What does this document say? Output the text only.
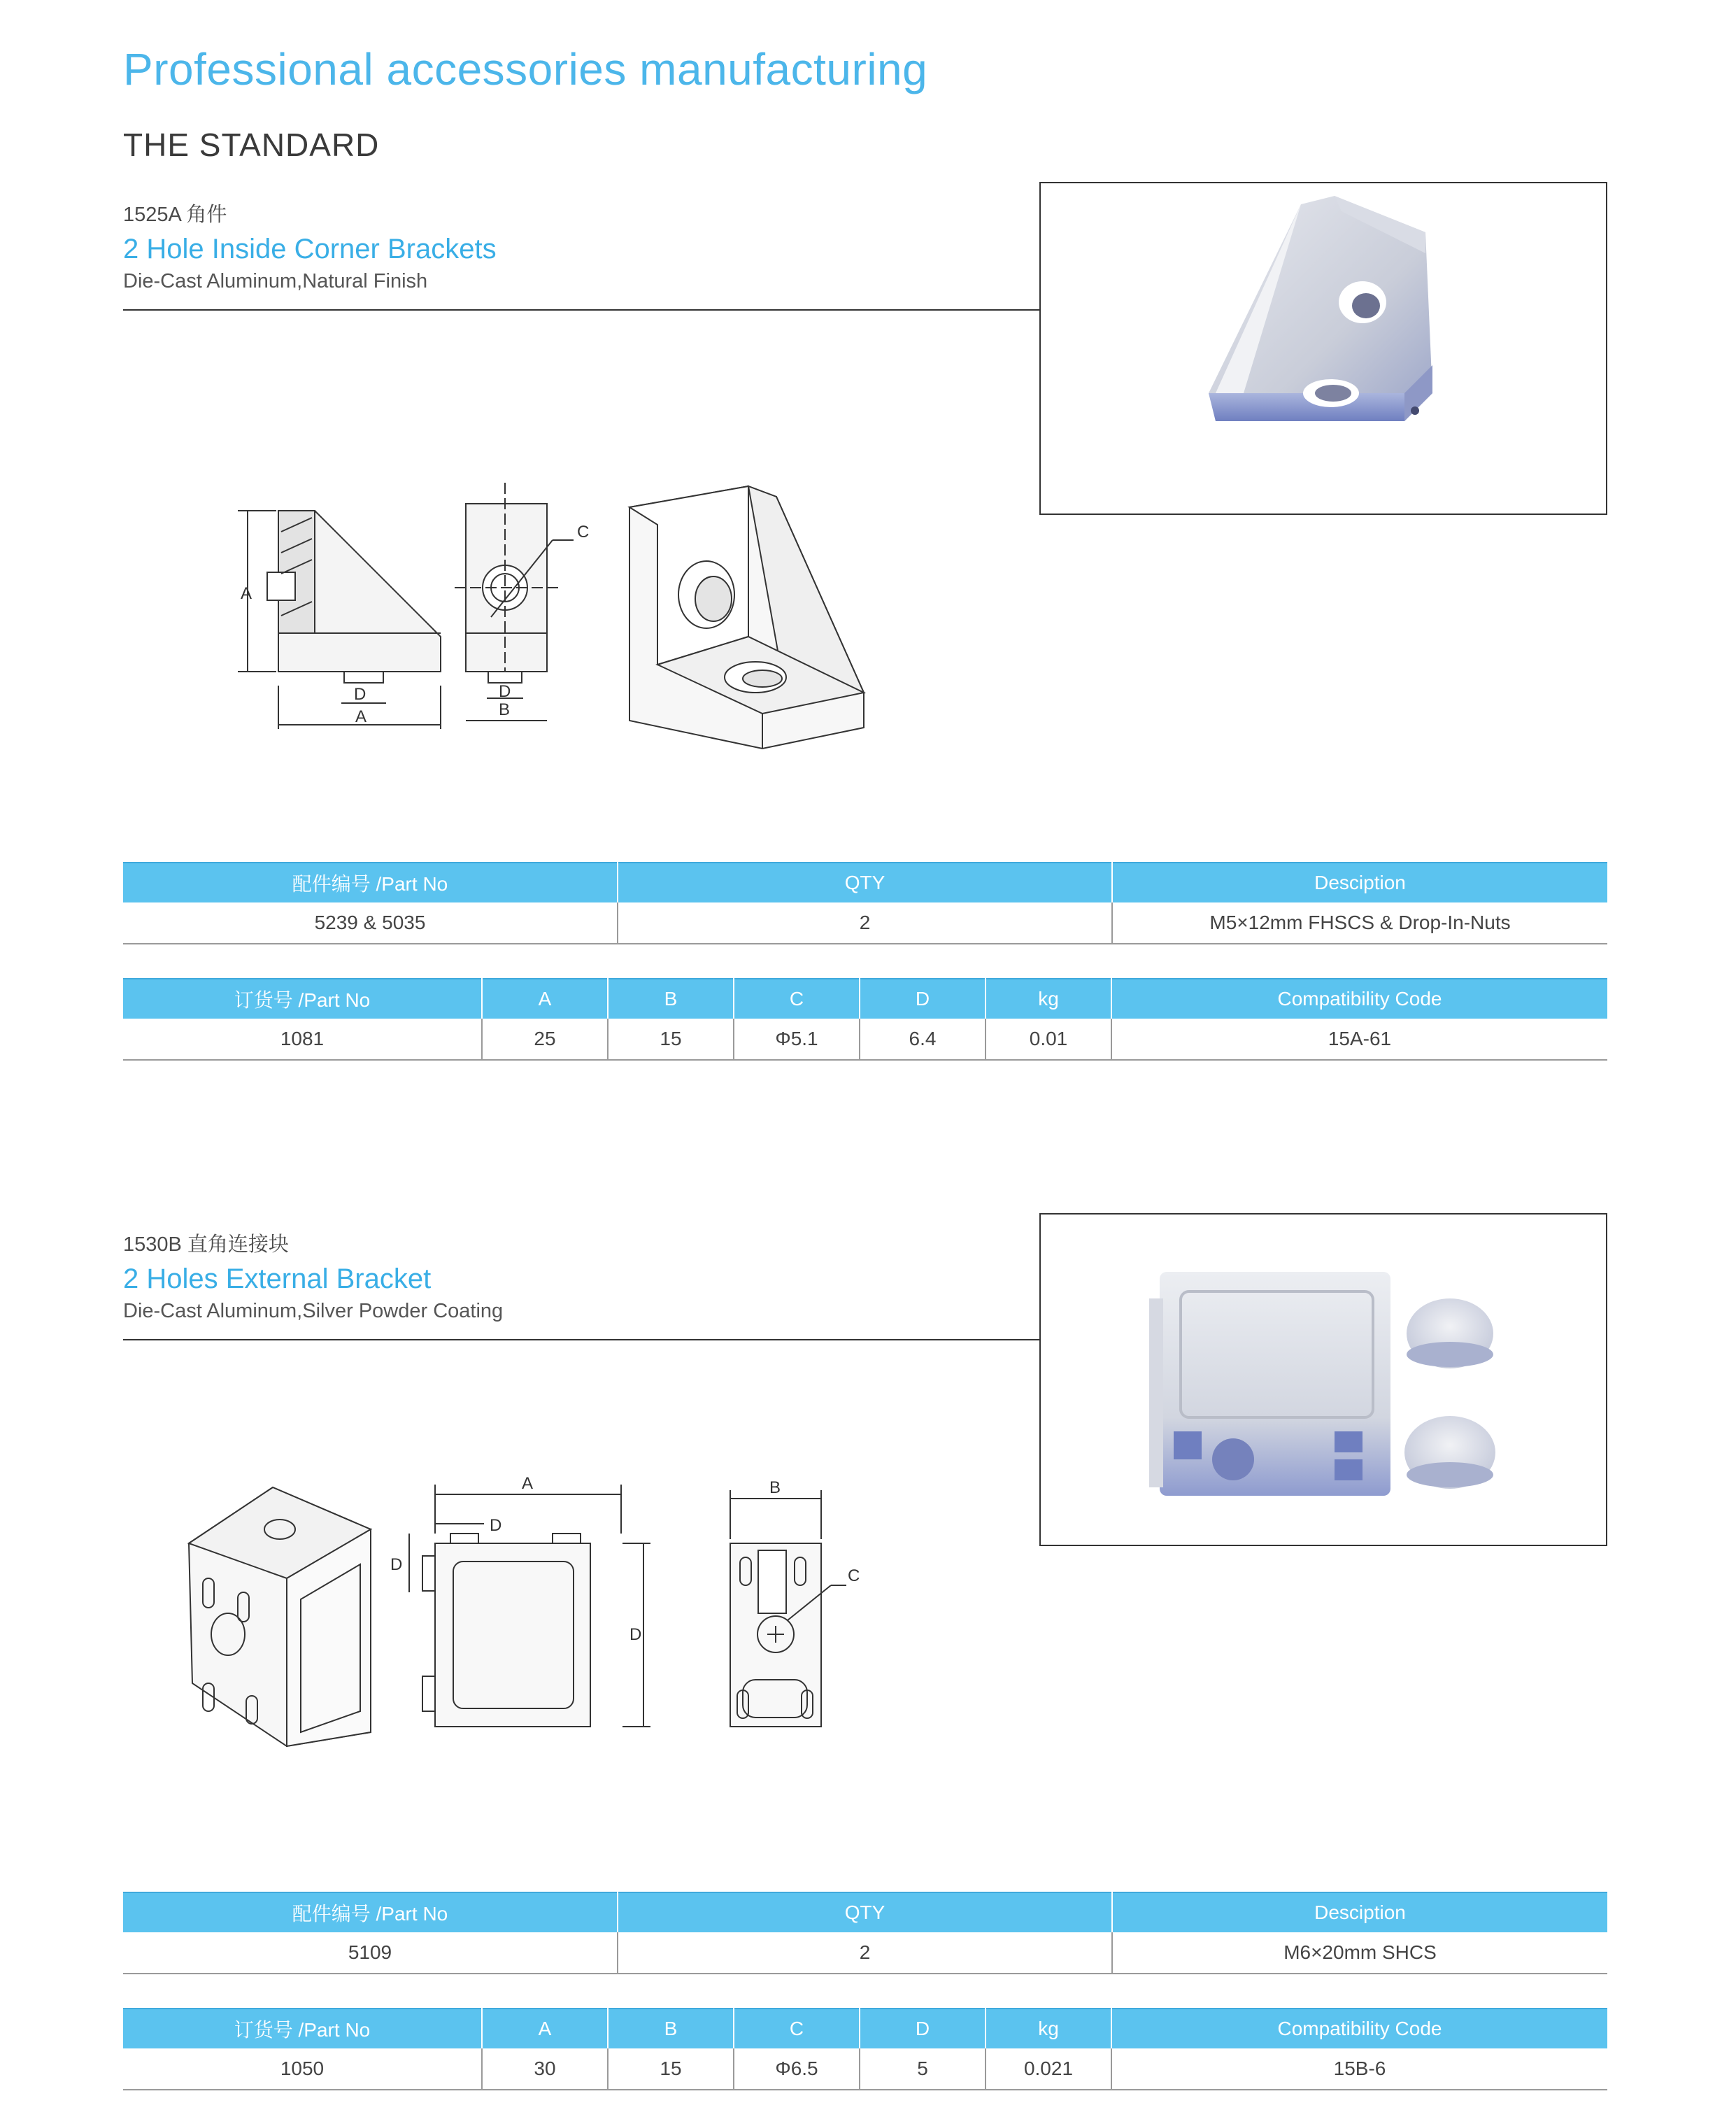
Professional accessories manufacturing
THE STANDARD
1525A 角件
2 Hole Inside Corner Brackets
Die-Cast Aluminum,Natural Finish
A
D
A
C
D
B
配件编号 /Part No	QTY	Desciption
5239 & 5035	2	M5×12mm FHSCS & Drop-In-Nuts
订货号 /Part No	A	B	C	D	kg	Compatibility Code
1081	25	15	Φ5.1	6.4	0.01	15A-61
1530B 直角连接块
2 Holes External Bracket
Die-Cast Aluminum,Silver Powder Coating
A
D
D
D
B
C
配件编号 /Part No	QTY	Desciption
5109	2	M6×20mm SHCS
订货号 /Part No	A	B	C	D	kg	Compatibility Code
1050	30	15	Φ6.5	5	0.021	15B-6
